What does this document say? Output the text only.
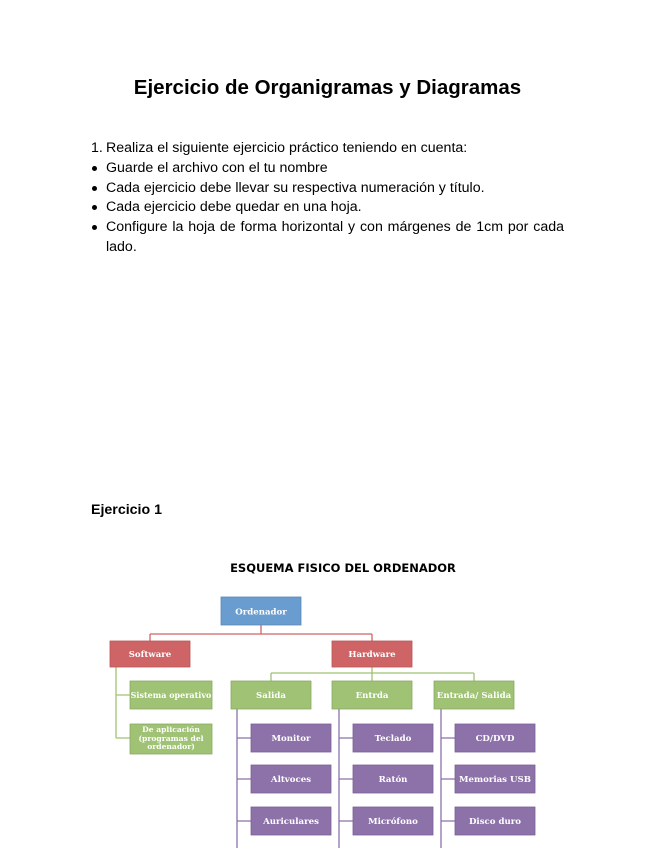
Ejercicio de Organigramas y Diagramas
1. Realiza el siguiente ejercicio práctico teniendo en cuenta:
Guarde el archivo con el tu nombre
Cada ejercicio debe llevar su respectiva numeración y título.
Cada ejercicio debe quedar en una hoja.
Configure la hoja de forma horizontal y con márgenes de 1cm por cada lado.
Ejercicio 1
ESQUEMA FISICO DEL ORDENADOR
Ordenador
Software	Hardware
Sistema operativo
De aplicación (programas del ordenador)
Salida	Entrda	Entrada/ Salida
Monitor
Altvoces
Auriculares
Teclado
Ratón
Micrófono
CD/DVD
Memorias USB
Disco duro
